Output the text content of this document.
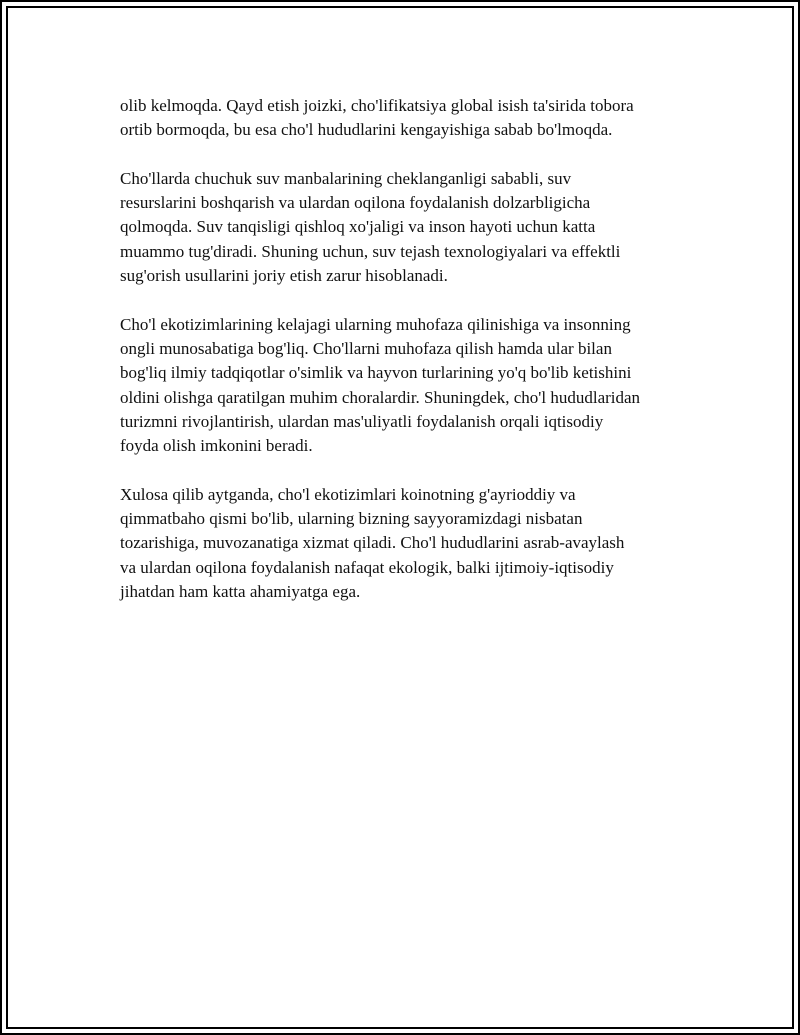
olib kelmoqda. Qayd etish joizki, cho'lifikatsiya global isish ta'sirida tobora
ortib bormoqda, bu esa cho'l hududlarini kengayishiga sabab bo'lmoqda.

Cho'llarda chuchuk suv manbalarining cheklanganligi sababli, suv
resurslarini boshqarish va ulardan oqilona foydalanish dolzarbligicha
qolmoqda. Suv tanqisligi qishloq xo'jaligi va inson hayoti uchun katta
muammo tug'diradi. Shuning uchun, suv tejash texnologiyalari va effektli
sug'orish usullarini joriy etish zarur hisoblanadi.

Cho'l ekotizimlarining kelajagi ularning muhofaza qilinishiga va insonning
ongli munosabatiga bog'liq. Cho'llarni muhofaza qilish hamda ular bilan
bog'liq ilmiy tadqiqotlar o'simlik va hayvon turlarining yo'q bo'lib ketishini
oldini olishga qaratilgan muhim choralardir. Shuningdek, cho'l hududlaridan
turizmni rivojlantirish, ulardan mas'uliyatli foydalanish orqali iqtisodiy
foyda olish imkonini beradi.

Xulosa qilib aytganda, cho'l ekotizimlari koinotning g'ayrioddiy va
qimmatbaho qismi bo'lib, ularning bizning sayyoramizdagi nisbatan
tozarishiga, muvozanatiga xizmat qiladi. Cho'l hududlarini asrab-avaylash
va ulardan oqilona foydalanish nafaqat ekologik, balki ijtimoiy-iqtisodiy
jihatdan ham katta ahamiyatga ega.
